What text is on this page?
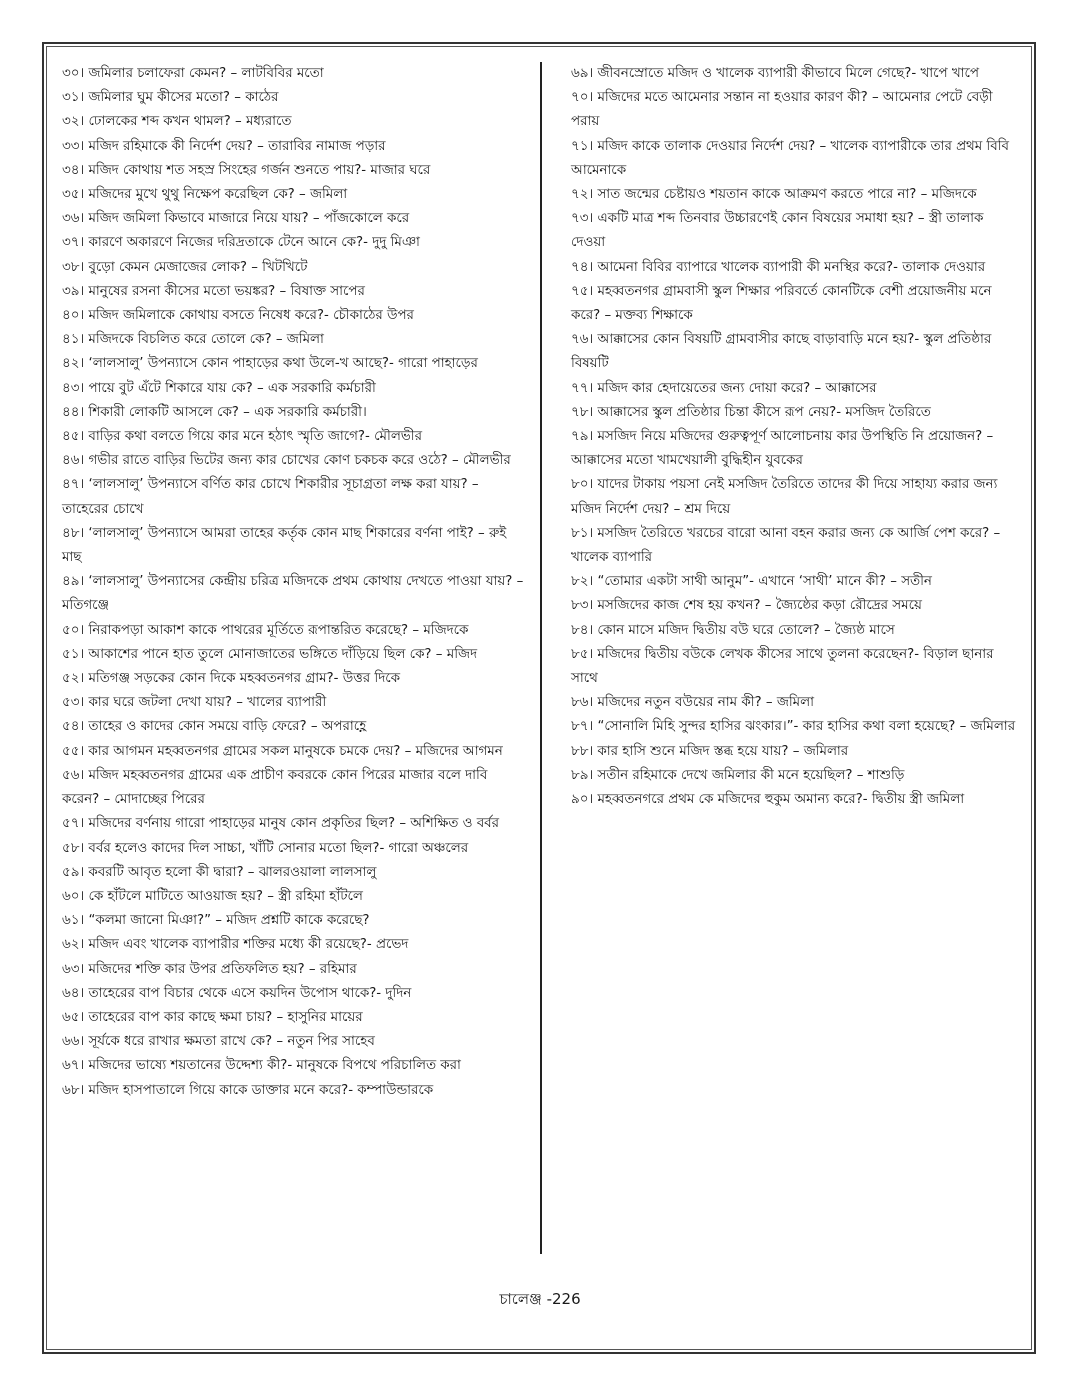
৩০। জমিলার চলাফেরা কেমন? – লাটবিবির মতো

৩১। জমিলার ঘুম কীসের মতো? – কাঠের

৩২। ঢোলকের শব্দ কখন থামল? – মধ্যরাতে

৩৩। মজিদ রহিমাকে কী নির্দেশ দেয়? – তারাবির নামাজ পড়ার

৩৪। মজিদ কোথায় শত সহস্র সিংহের গর্জন শুনতে পায়?- মাজার ঘরে

৩৫। মজিদের মুখে থুথু নিক্ষেপ করেছিল কে? – জমিলা

৩৬। মজিদ জমিলা কিভাবে মাজারে নিয়ে যায়? – পাঁজকোলে করে

৩৭। কারণে অকারণে নিজের দরিদ্রতাকে টেনে আনে কে?- দুদু মিঞা

৩৮। বুড়ো কেমন মেজাজের লোক? – খিটখিটে

৩৯। মানুষের রসনা কীসের মতো ভয়ঙ্কর? – বিষাক্ত সাপের

৪০। মজিদ জমিলাকে কোথায় বসতে নিষেধ করে?- চৌকাঠের উপর

৪১। মজিদকে বিচলিত করে তোলে কে? – জমিলা

৪২। ‘লালসালু’ উপন্যাসে কোন পাহাড়ের কথা উলে-খ আছে?- গারো পাহাড়ের

৪৩। পায়ে বুট এঁটে শিকারে যায় কে? – এক সরকারি কর্মচারী

৪৪। শিকারী লোকটি আসলে কে? – এক সরকারি কর্মচারী।

৪৫। বাড়ির কথা বলতে গিয়ে কার মনে হঠাৎ স্মৃতি জাগে?- মৌলভীর

৪৬। গভীর রাতে বাড়ির ভিটের জন্য কার চোখের কোণ চকচক করে ওঠে? – মৌলভীর

৪৭। ‘লালসালু’ উপন্যাসে বর্ণিত কার চোখে শিকারীর সূচাগ্রতা লক্ষ করা যায়? – তাহেরের চোখে

৪৮। ‘লালসালু’ উপন্যাসে আমরা তাহের কর্তৃক কোন মাছ শিকারের বর্ণনা পাই? – রুই মাছ

৪৯। ‘লালসালু’ উপন্যাসের কেন্দ্রীয় চরিত্র মজিদকে প্রথম কোথায় দেখতে পাওয়া যায়? – মতিগঞ্জে

৫০। নিরাকপড়া আকাশ কাকে পাথরের মূর্তিতে রূপান্তরিত করেছে? – মজিদকে

৫১। আকাশের পানে হাত তুলে মোনাজাতের ভঙ্গিতে দাঁড়িয়ে ছিল কে? – মজিদ

৫২। মতিগঞ্জ সড়কের কোন দিকে মহব্বতনগর গ্রাম?- উত্তর দিকে

৫৩। কার ঘরে জটলা দেখা যায়? – খালের ব্যাপারী

৫৪। তাহের ও কাদের কোন সময়ে বাড়ি ফেরে? – অপরাহ্ণে

৫৫। কার আগমন মহব্বতনগর গ্রামের সকল মানুষকে চমকে দেয়? – মজিদের আগমন

৫৬। মজিদ মহব্বতনগর গ্রামের এক প্রাচীণ কবরকে কোন পিরের মাজার বলে দাবি করেন? – মোদাচ্ছের পিরের

৫৭। মজিদের বর্ণনায় গারো পাহাড়ের মানুষ কোন প্রকৃতির ছিল? – অশিক্ষিত ও বর্বর

৫৮। বর্বর হলেও কাদের দিল সাচ্চা, খাঁটি সোনার মতো ছিল?- গারো অঞ্চলের

৫৯। কবরটি আবৃত হলো কী দ্বারা? – ঝালরওয়ালা লালসালু

৬০। কে হাঁটলে মাটিতে আওয়াজ হয়? – স্ত্রী রহিমা হাঁটলে

৬১। “কলমা জানো মিঞা?” – মজিদ প্রশ্নটি কাকে করেছে?

৬২। মজিদ এবং খালেক ব্যাপারীর শক্তির মধ্যে কী রয়েছে?- প্রভেদ

৬৩। মজিদের শক্তি কার উপর প্রতিফলিত হয়? – রহিমার

৬৪। তাহেরের বাপ বিচার থেকে এসে কয়দিন উপোস থাকে?- দুদিন

৬৫। তাহেরের বাপ কার কাছে ক্ষমা চায়? – হাসুনির মায়ের

৬৬। সূর্যকে ধরে রাখার ক্ষমতা রাখে কে? – নতুন পির সাহেব

৬৭। মজিদের ভাষ্যে শয়তানের উদ্দেশ্য কী?- মানুষকে বিপথে পরিচালিত করা

৬৮। মজিদ হাসপাতালে গিয়ে কাকে ডাক্তার মনে করে?- কম্পাউন্ডারকে

৬৯। জীবনস্রোতে মজিদ ও খালেক ব্যাপারী কীভাবে মিলে গেছে?- খাপে খাপে

৭০। মজিদের মতে আমেনার সন্তান না হওয়ার কারণ কী? – আমেনার পেটে বেড়ী পরায়

৭১। মজিদ কাকে তালাক দেওয়ার নির্দেশ দেয়? – খালেক ব্যাপারীকে তার প্রথম বিবি আমেনাকে

৭২। সাত জন্মের চেষ্টায়ও শয়তান কাকে আক্রমণ করতে পারে না? – মজিদকে

৭৩। একটি মাত্র শব্দ তিনবার উচ্চারণেই কোন বিষয়ের সমাধা হয়? – স্ত্রী তালাক দেওয়া

৭৪। আমেনা বিবির ব্যাপারে খালেক ব্যাপারী কী মনস্থির করে?- তালাক দেওয়ার

৭৫। মহব্বতনগর গ্রামবাসী স্কুল শিক্ষার পরিবর্তে কোনটিকে বেশী প্রয়োজনীয় মনে করে? – মক্তব্য শিক্ষাকে

৭৬। আক্কাসের কোন বিষয়টি গ্রামবাসীর কাছে বাড়াবাড়ি মনে হয়?- স্কুল প্রতিষ্ঠার বিষয়টি

৭৭। মজিদ কার হেদায়েতের জন্য দোয়া করে? – আক্কাসের

৭৮। আক্কাসের স্কুল প্রতিষ্ঠার চিন্তা কীসে রূপ নেয়?- মসজিদ তৈরিতে

৭৯। মসজিদ নিয়ে মজিদের গুরুত্বপূর্ণ আলোচনায় কার উপস্থিতি নি প্রয়োজন? – আক্কাসের মতো খামখেয়ালী বুদ্ধিহীন যুবকের

৮০। যাদের টাকায় পয়সা নেই মসজিদ তৈরিতে তাদের কী দিয়ে সাহায্য করার জন্য মজিদ নির্দেশ দেয়? – শ্রম দিয়ে

৮১। মসজিদ তৈরিতে খরচের বারো আনা বহন করার জন্য কে আর্জি পেশ করে? – খালেক ব্যাপারি

৮২। “তোমার একটা সাথী আনুম”- এখানে ‘সাথী’ মানে কী? – সতীন

৮৩। মসজিদের কাজ শেষ হয় কখন? – জ্যৈষ্ঠের কড়া রৌদ্রের সময়ে

৮৪। কোন মাসে মজিদ দ্বিতীয় বউ ঘরে তোলে? – জ্যৈষ্ঠ মাসে

৮৫। মজিদের দ্বিতীয় বউকে লেখক কীসের সাথে তুলনা করেছেন?- বিড়াল ছানার সাথে

৮৬। মজিদের নতুন বউয়ের নাম কী? – জমিলা

৮৭। “সোনালি মিহি সুন্দর হাসির ঝংকার।”- কার হাসির কথা বলা হয়েছে? – জমিলার

৮৮। কার হাসি শুনে মজিদ স্তব্ধ হয়ে যায়? – জমিলার

৮৯। সতীন রহিমাকে দেখে জমিলার কী মনে হয়েছিল? – শাশুড়ি

৯০। মহব্বতনগরে প্রথম কে মজিদের হুকুম অমান্য করে?- দ্বিতীয় স্ত্রী জমিলা

চালেঞ্জ -226
